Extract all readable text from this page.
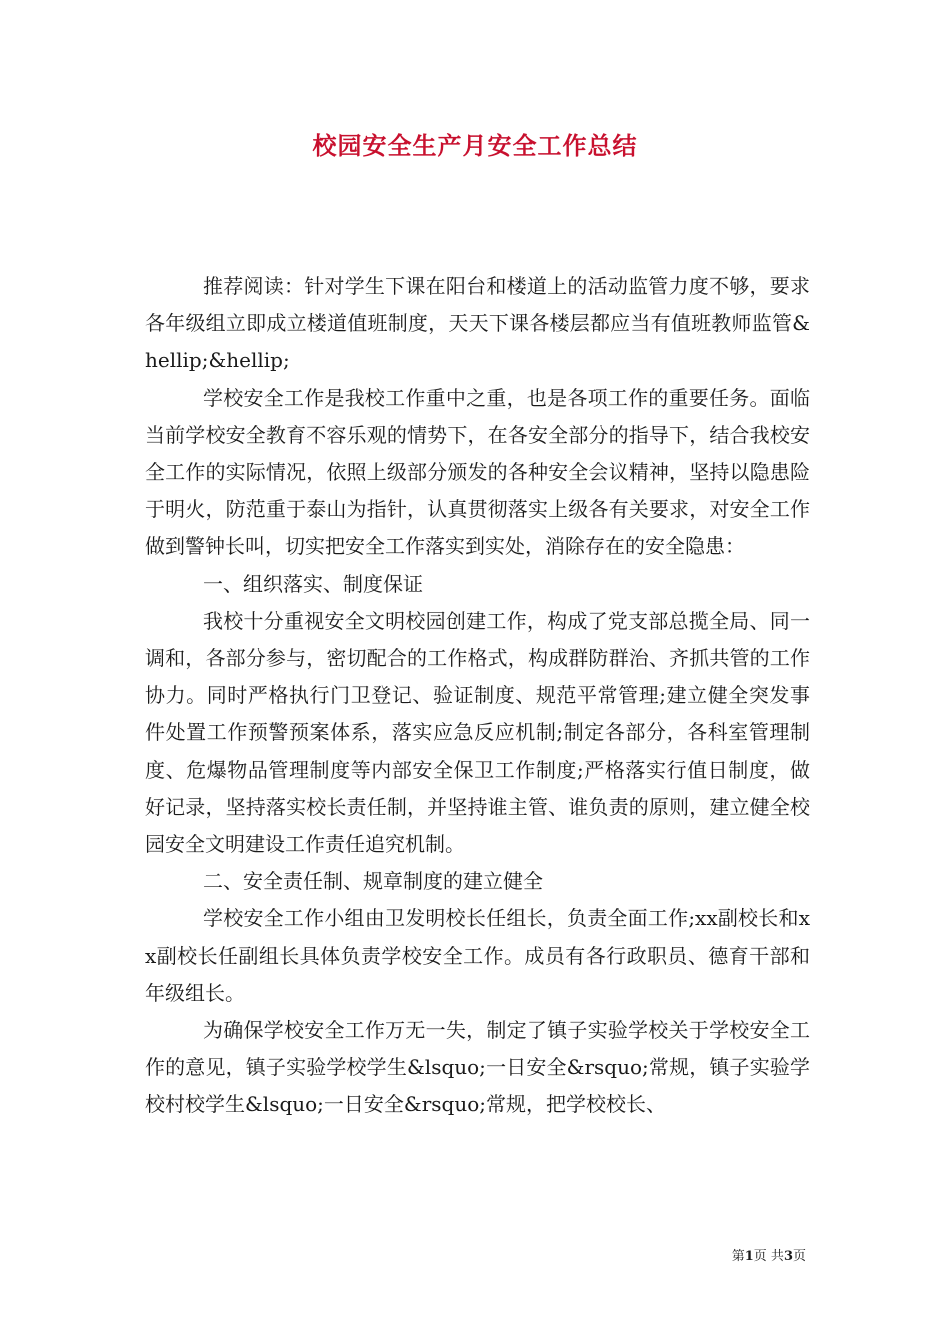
校园安全生产月安全工作总结

推荐阅读：针对学生下课在阳台和楼道上的活动监管力度不够，要求各年级组立即成立楼道值班制度，天天下课各楼层都应当有值班教师监管&hellip;&hellip;

学校安全工作是我校工作重中之重，也是各项工作的重要任务。面临当前学校安全教育不容乐观的情势下，在各安全部分的指导下，结合我校安全工作的实际情况，依照上级部分颁发的各种安全会议精神，坚持以隐患险于明火，防范重于泰山为指针，认真贯彻落实上级各有关要求，对安全工作做到警钟长叫，切实把安全工作落实到实处，消除存在的安全隐患：

一、组织落实、制度保证

我校十分重视安全文明校园创建工作，构成了党支部总揽全局、同一调和，各部分参与，密切配合的工作格式，构成群防群治、齐抓共管的工作协力。同时严格执行门卫登记、验证制度、规范平常管理;建立健全突发事件处置工作预警预案体系，落实应急反应机制;制定各部分，各科室管理制度、危爆物品管理制度等内部安全保卫工作制度;严格落实行值日制度，做好记录，坚持落实校长责任制，并坚持谁主管、谁负责的原则，建立健全校园安全文明建设工作责任追究机制。

二、安全责任制、规章制度的建立健全

学校安全工作小组由卫发明校长任组长，负责全面工作;xx副校长和xx副校长任副组长具体负责学校安全工作。成员有各行政职员、德育干部和年级组长。

为确保学校安全工作万无一失，制定了镇子实验学校关于学校安全工作的意见，镇子实验学校学生&lsquo;一日安全&rsquo;常规，镇子实验学校村校学生&lsquo;一日安全&rsquo;常规，把学校校长、

第1页 共3页
